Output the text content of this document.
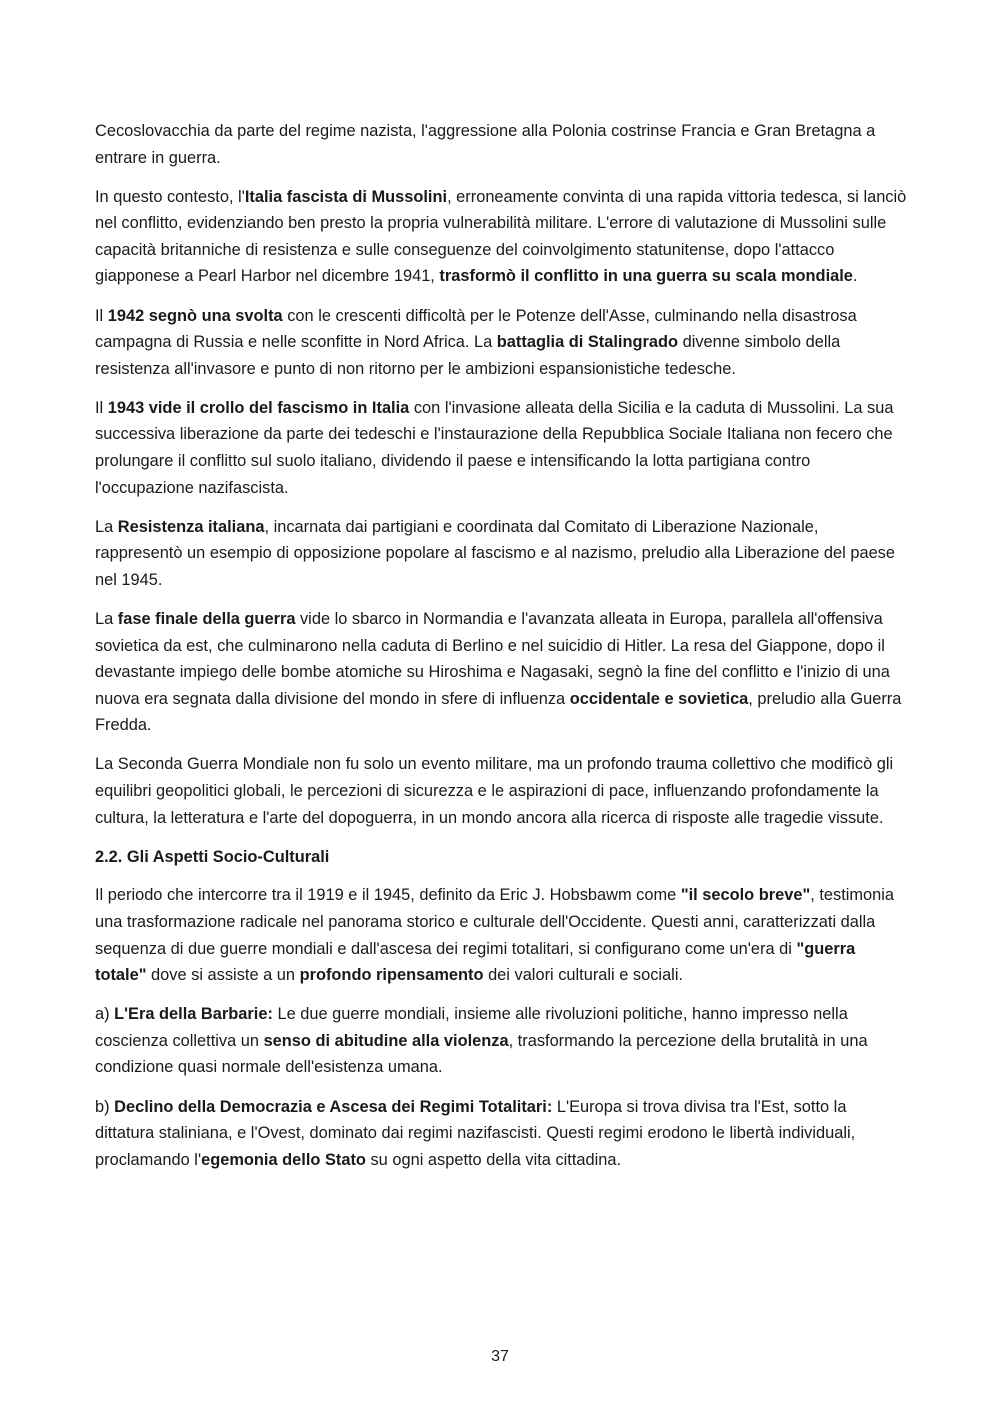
Cecoslovacchia da parte del regime nazista, l'aggressione alla Polonia costrinse Francia e Gran Bretagna a entrare in guerra.

In questo contesto, l'Italia fascista di Mussolini, erroneamente convinta di una rapida vittoria tedesca, si lanciò nel conflitto, evidenziando ben presto la propria vulnerabilità militare. L'errore di valutazione di Mussolini sulle capacità britanniche di resistenza e sulle conseguenze del coinvolgimento statunitense, dopo l'attacco giapponese a Pearl Harbor nel dicembre 1941, trasformò il conflitto in una guerra su scala mondiale.

Il 1942 segnò una svolta con le crescenti difficoltà per le Potenze dell'Asse, culminando nella disastrosa campagna di Russia e nelle sconfitte in Nord Africa. La battaglia di Stalingrado divenne simbolo della resistenza all'invasore e punto di non ritorno per le ambizioni espansionistiche tedesche.

Il 1943 vide il crollo del fascismo in Italia con l'invasione alleata della Sicilia e la caduta di Mussolini. La sua successiva liberazione da parte dei tedeschi e l'instaurazione della Repubblica Sociale Italiana non fecero che prolungare il conflitto sul suolo italiano, dividendo il paese e intensificando la lotta partigiana contro l'occupazione nazifascista.

La Resistenza italiana, incarnata dai partigiani e coordinata dal Comitato di Liberazione Nazionale, rappresentò un esempio di opposizione popolare al fascismo e al nazismo, preludio alla Liberazione del paese nel 1945.

La fase finale della guerra vide lo sbarco in Normandia e l'avanzata alleata in Europa, parallela all'offensiva sovietica da est, che culminarono nella caduta di Berlino e nel suicidio di Hitler. La resa del Giappone, dopo il devastante impiego delle bombe atomiche su Hiroshima e Nagasaki, segnò la fine del conflitto e l'inizio di una nuova era segnata dalla divisione del mondo in sfere di influenza occidentale e sovietica, preludio alla Guerra Fredda.

La Seconda Guerra Mondiale non fu solo un evento militare, ma un profondo trauma collettivo che modificò gli equilibri geopolitici globali, le percezioni di sicurezza e le aspirazioni di pace, influenzando profondamente la cultura, la letteratura e l'arte del dopoguerra, in un mondo ancora alla ricerca di risposte alle tragedie vissute.

2.2. Gli Aspetti Socio-Culturali

Il periodo che intercorre tra il 1919 e il 1945, definito da Eric J. Hobsbawm come "il secolo breve", testimonia una trasformazione radicale nel panorama storico e culturale dell'Occidente. Questi anni, caratterizzati dalla sequenza di due guerre mondiali e dall'ascesa dei regimi totalitari, si configurano come un'era di "guerra totale" dove si assiste a un profondo ripensamento dei valori culturali e sociali.

a) L'Era della Barbarie: Le due guerre mondiali, insieme alle rivoluzioni politiche, hanno impresso nella coscienza collettiva un senso di abitudine alla violenza, trasformando la percezione della brutalità in una condizione quasi normale dell'esistenza umana.

b) Declino della Democrazia e Ascesa dei Regimi Totalitari: L'Europa si trova divisa tra l'Est, sotto la dittatura staliniana, e l'Ovest, dominato dai regimi nazifascisti. Questi regimi erodono le libertà individuali, proclamando l'egemonia dello Stato su ogni aspetto della vita cittadina.

37
